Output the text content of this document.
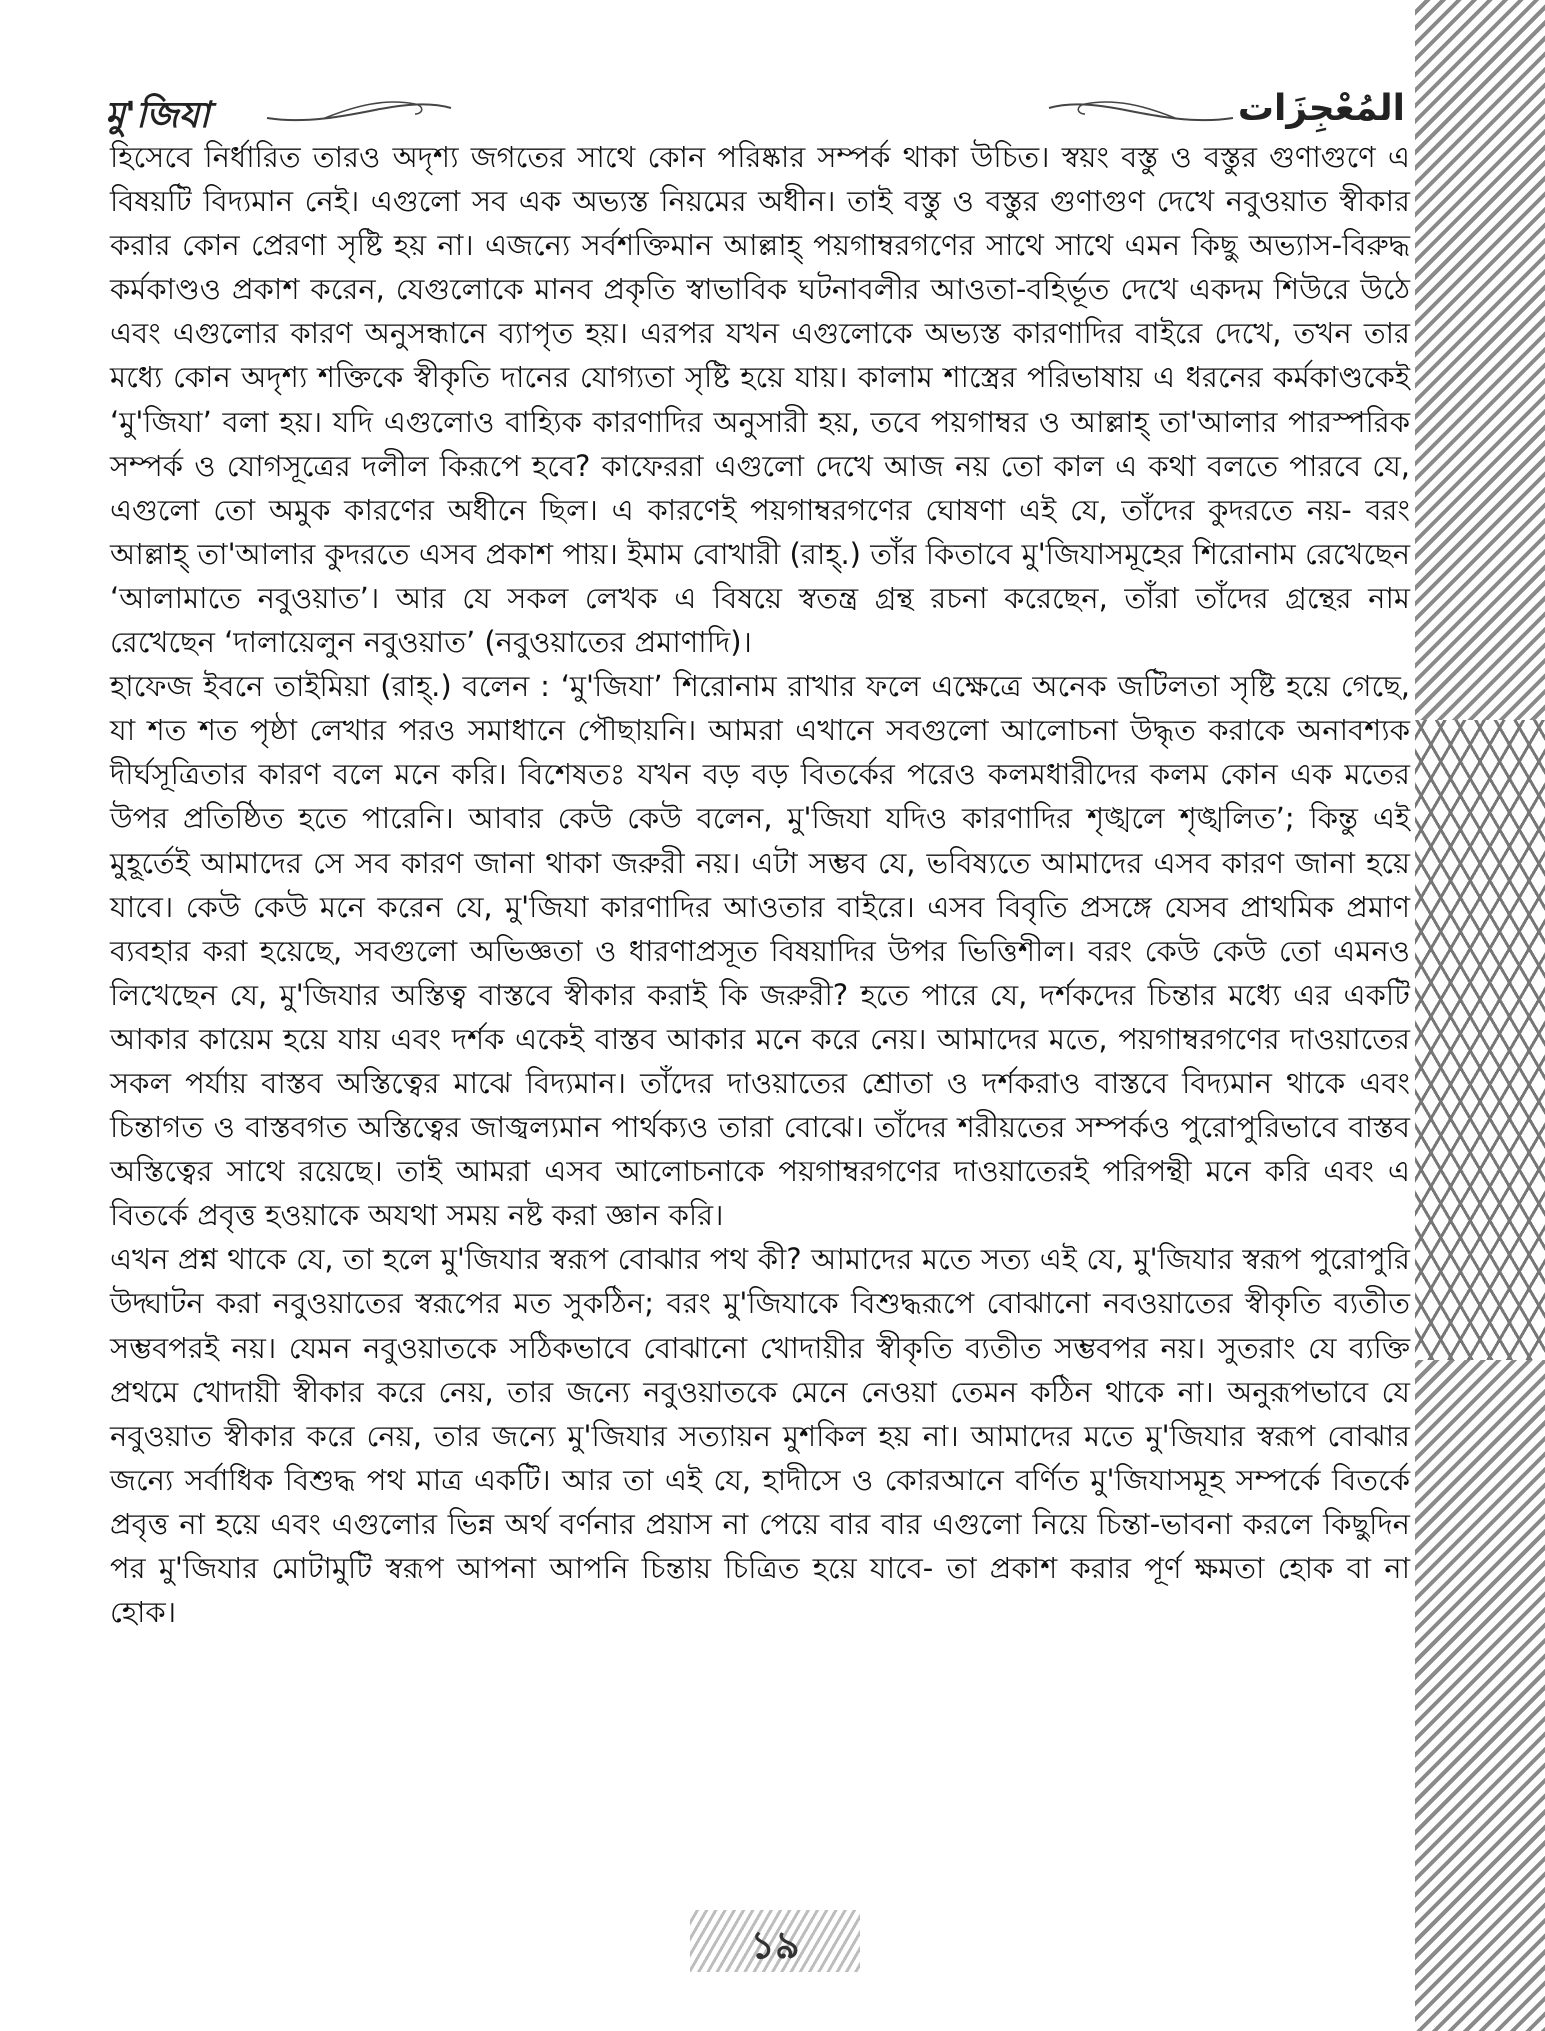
মু'জিযা	المُعْجِزَات

হিসেবে নির্ধারিত তারও অদৃশ্য জগতের সাথে কোন পরিষ্কার সম্পর্ক থাকা উচিত। স্বয়ং বস্তু ও বস্তুর গুণাগুণে এ বিষয়টি বিদ্যমান নেই। এগুলো সব এক অভ্যস্ত নিয়মের অধীন। তাই বস্তু ও বস্তুর গুণাগুণ দেখে নবুওয়াত স্বীকার করার কোন প্রেরণা সৃষ্টি হয় না। এজন্যে সর্বশক্তিমান আল্লাহ্ পয়গাম্বরগণের সাথে সাথে এমন কিছু অভ্যাস-বিরুদ্ধ কর্মকাণ্ডও প্রকাশ করেন, যেগুলোকে মানব প্রকৃতি স্বাভাবিক ঘটনাবলীর আওতা-বহির্ভূত দেখে একদম শিউরে উঠে এবং এগুলোর কারণ অনুসন্ধানে ব্যাপৃত হয়। এরপর যখন এগুলোকে অভ্যস্ত কারণাদির বাইরে দেখে, তখন তার মধ্যে কোন অদৃশ্য শক্তিকে স্বীকৃতি দানের যোগ্যতা সৃষ্টি হয়ে যায়। কালাম শাস্ত্রের পরিভাষায় এ ধরনের কর্মকাণ্ডকেই ‘মু'জিযা’ বলা হয়। যদি এগুলোও বাহ্যিক কারণাদির অনুসারী হয়, তবে পয়গাম্বর ও আল্লাহ্ তা'আলার পারস্পরিক সম্পর্ক ও যোগসূত্রের দলীল কিরূপে হবে? কাফেররা এগুলো দেখে আজ নয় তো কাল এ কথা বলতে পারবে যে, এগুলো তো অমুক কারণের অধীনে ছিল। এ কারণেই পয়গাম্বরগণের ঘোষণা এই যে, তাঁদের কুদরতে নয়- বরং আল্লাহ্ তা'আলার কুদরতে এসব প্রকাশ পায়। ইমাম বোখারী (রাহ্.) তাঁর কিতাবে মু'জিযাসমূহের শিরোনাম রেখেছেন ‘আলামাতে নবুওয়াত’। আর যে সকল লেখক এ বিষয়ে স্বতন্ত্র গ্রন্থ রচনা করেছেন, তাঁরা তাঁদের গ্রন্থের নাম রেখেছেন ‘দালায়েলুন নবুওয়াত’ (নবুওয়াতের প্রমাণাদি)।

হাফেজ ইবনে তাইমিয়া (রাহ্.) বলেন : ‘মু'জিযা’ শিরোনাম রাখার ফলে এক্ষেত্রে অনেক জটিলতা সৃষ্টি হয়ে গেছে, যা শত শত পৃষ্ঠা লেখার পরও সমাধানে পৌছায়নি। আমরা এখানে সবগুলো আলোচনা উদ্ধৃত করাকে অনাবশ্যক দীর্ঘসূত্রিতার কারণ বলে মনে করি। বিশেষতঃ যখন বড় বড় বিতর্কের পরেও কলমধারীদের কলম কোন এক মতের উপর প্রতিষ্ঠিত হতে পারেনি। আবার কেউ কেউ বলেন, মু'জিযা যদিও কারণাদির শৃঙ্খলে শৃঙ্খলিত’; কিন্তু এই মুহূর্তেই আমাদের সে সব কারণ জানা থাকা জরুরী নয়। এটা সম্ভব যে, ভবিষ্যতে আমাদের এসব কারণ জানা হয়ে যাবে। কেউ কেউ মনে করেন যে, মু'জিযা কারণাদির আওতার বাইরে। এসব বিবৃতি প্রসঙ্গে যেসব প্রাথমিক প্রমাণ ব্যবহার করা হয়েছে, সবগুলো অভিজ্ঞতা ও ধারণাপ্রসূত বিষয়াদির উপর ভিত্তিশীল। বরং কেউ কেউ তো এমনও লিখেছেন যে, মু'জিযার অস্তিত্ব বাস্তবে স্বীকার করাই কি জরুরী? হতে পারে যে, দর্শকদের চিন্তার মধ্যে এর একটি আকার কায়েম হয়ে যায় এবং দর্শক একেই বাস্তব আকার মনে করে নেয়। আমাদের মতে, পয়গাম্বরগণের দাওয়াতের সকল পর্যায় বাস্তব অস্তিত্বের মাঝে বিদ্যমান। তাঁদের দাওয়াতের শ্রোতা ও দর্শকরাও বাস্তবে বিদ্যমান থাকে এবং চিন্তাগত ও বাস্তবগত অস্তিত্বের জাজ্বল্যমান পার্থক্যও তারা বোঝে। তাঁদের শরীয়তের সম্পর্কও পুরোপুরিভাবে বাস্তব অস্তিত্বের সাথে রয়েছে। তাই আমরা এসব আলোচনাকে পয়গাম্বরগণের দাওয়াতেরই পরিপন্থী মনে করি এবং এ বিতর্কে প্রবৃত্ত হওয়াকে অযথা সময় নষ্ট করা জ্ঞান করি।

এখন প্রশ্ন থাকে যে, তা হলে মু'জিযার স্বরূপ বোঝার পথ কী? আমাদের মতে সত্য এই যে, মু'জিযার স্বরূপ পুরোপুরি উদ্ঘাটন করা নবুওয়াতের স্বরূপের মত সুকঠিন; বরং মু'জিযাকে বিশুদ্ধরূপে বোঝানো নবওয়াতের স্বীকৃতি ব্যতীত সম্ভবপরই নয়। যেমন নবুওয়াতকে সঠিকভাবে বোঝানো খোদায়ীর স্বীকৃতি ব্যতীত সম্ভবপর নয়। সুতরাং যে ব্যক্তি প্রথমে খোদায়ী স্বীকার করে নেয়, তার জন্যে নবুওয়াতকে মেনে নেওয়া তেমন কঠিন থাকে না। অনুরূপভাবে যে নবুওয়াত স্বীকার করে নেয়, তার জন্যে মু'জিযার সত্যায়ন মুশকিল হয় না। আমাদের মতে মু'জিযার স্বরূপ বোঝার জন্যে সর্বাধিক বিশুদ্ধ পথ মাত্র একটি। আর তা এই যে, হাদীসে ও কোরআনে বর্ণিত মু'জিযাসমূহ সম্পর্কে বিতর্কে প্রবৃত্ত না হয়ে এবং এগুলোর ভিন্ন অর্থ বর্ণনার প্রয়াস না পেয়ে বার বার এগুলো নিয়ে চিন্তা-ভাবনা করলে কিছুদিন পর মু'জিযার মোটামুটি স্বরূপ আপনা আপনি চিন্তায় চিত্রিত হয়ে যাবে- তা প্রকাশ করার পূর্ণ ক্ষমতা হোক বা না হোক।

১৯
